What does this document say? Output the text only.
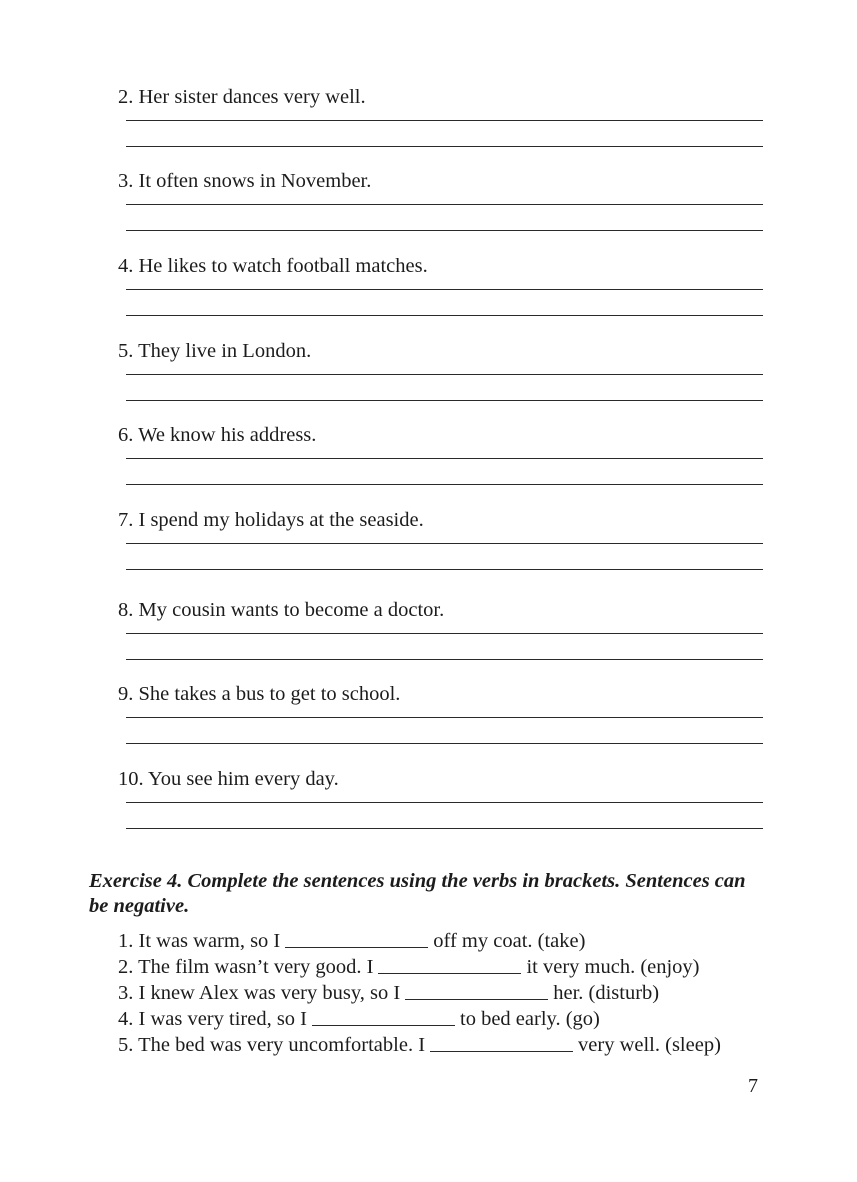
2. Her sister dances very well.
3. It often snows in November.
4. He likes to watch football matches.
5. They live in London.
6. We know his address.
7. I spend my holidays at the seaside.
8. My cousin wants to become a doctor.
9. She takes a bus to get to school.
10. You see him every day.
Exercise 4. Complete the sentences using the verbs in brackets. Sentences can be negative.
1. It was warm, so I	off my coat. (take)
2. The film wasn’t very good. I	it very much. (enjoy)
3. I knew Alex was very busy, so I	her. (disturb)
4. I was very tired, so I	to bed early. (go)
5. The bed was very uncomfortable. I	very well. (sleep)
7
